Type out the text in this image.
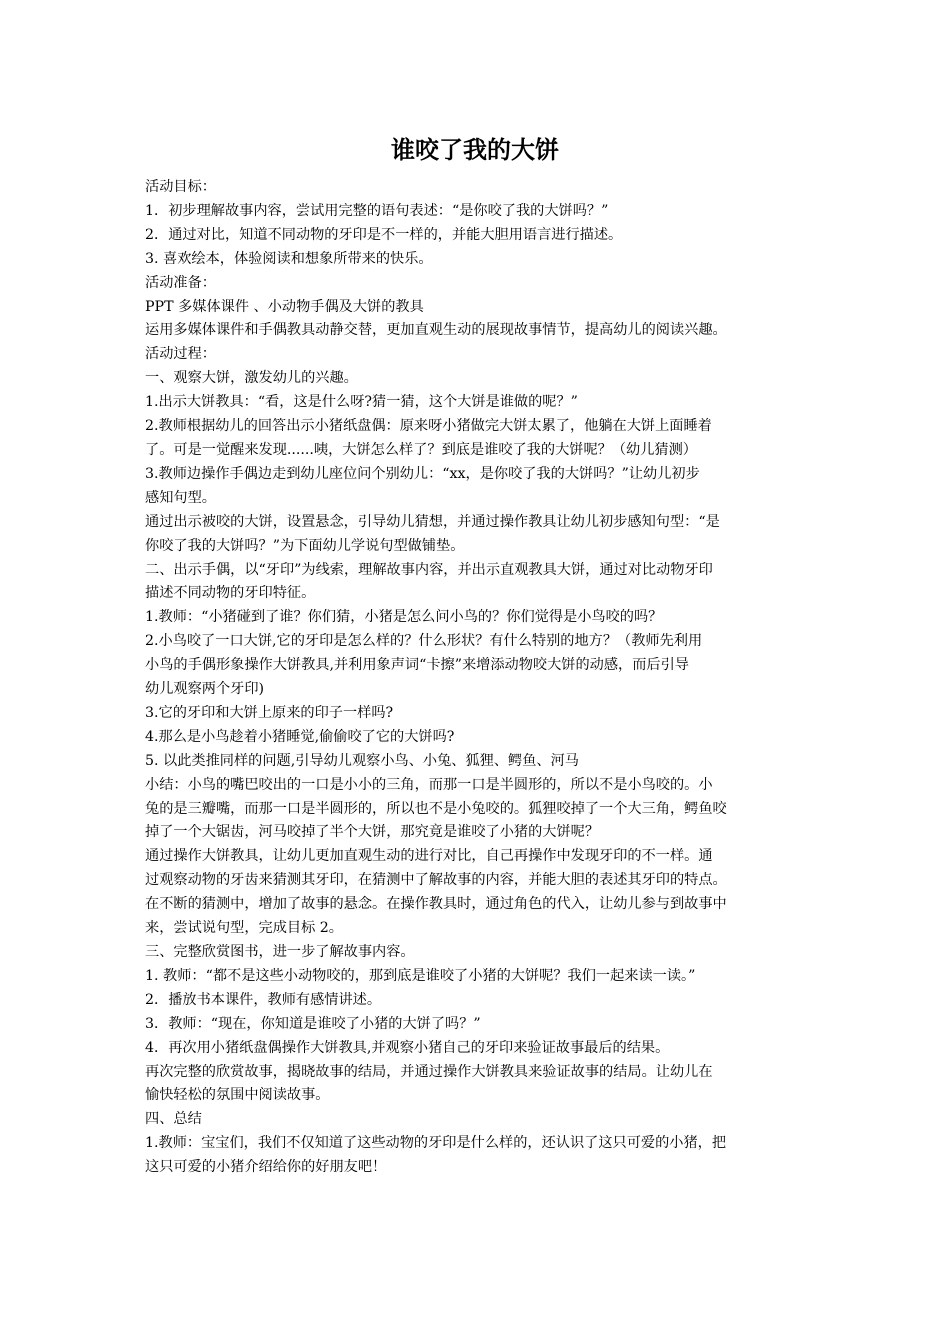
谁咬了我的大饼
活动目标：
1．初步理解故事内容，尝试用完整的语句表述：“是你咬了我的大饼吗？”
2．通过对比，知道不同动物的牙印是不一样的，并能大胆用语言进行描述。
3. 喜欢绘本，体验阅读和想象所带来的快乐。
活动准备：
PPT 多媒体课件 、小动物手偶及大饼的教具
运用多媒体课件和手偶教具动静交替，更加直观生动的展现故事情节，提高幼儿的阅读兴趣。
活动过程：
一、观察大饼，激发幼儿的兴趣。
1.出示大饼教具：“看，这是什么呀?猜一猜，这个大饼是谁做的呢？”
2.教师根据幼儿的回答出示小猪纸盘偶：原来呀小猪做完大饼太累了，他躺在大饼上面睡着
了。可是一觉醒来发现......咦，大饼怎么样了？到底是谁咬了我的大饼呢？（幼儿猜测）
3.教师边操作手偶边走到幼儿座位问个别幼儿：“xx，是你咬了我的大饼吗？”让幼儿初步
感知句型。
通过出示被咬的大饼，设置悬念，引导幼儿猜想，并通过操作教具让幼儿初步感知句型：“是
你咬了我的大饼吗？”为下面幼儿学说句型做铺垫。
二、出示手偶，以“牙印”为线索，理解故事内容，并出示直观教具大饼，通过对比动物牙印
描述不同动物的牙印特征。
1.教师：“小猪碰到了谁？你们猜，小猪是怎么问小鸟的？你们觉得是小鸟咬的吗？
2.小鸟咬了一口大饼,它的牙印是怎么样的？什么形状？有什么特别的地方？（教师先利用
小鸟的手偶形象操作大饼教具,并利用象声词“卡擦”来增添动物咬大饼的动感，而后引导
幼儿观察两个牙印)
3.它的牙印和大饼上原来的印子一样吗?
4.那么是小鸟趁着小猪睡觉,偷偷咬了它的大饼吗?
5. 以此类推同样的问题,引导幼儿观察小鸟、小兔、狐狸、鳄鱼、河马
小结：小鸟的嘴巴咬出的一口是小小的三角，而那一口是半圆形的，所以不是小鸟咬的。小
兔的是三瓣嘴，而那一口是半圆形的，所以也不是小兔咬的。狐狸咬掉了一个大三角，鳄鱼咬
掉了一个大锯齿，河马咬掉了半个大饼，那究竟是谁咬了小猪的大饼呢？
通过操作大饼教具，让幼儿更加直观生动的进行对比，自己再操作中发现牙印的不一样。通
过观察动物的牙齿来猜测其牙印，在猜测中了解故事的内容，并能大胆的表述其牙印的特点。
在不断的猜测中，增加了故事的悬念。在操作教具时，通过角色的代入，让幼儿参与到故事中
来，尝试说句型，完成目标 2。
三、完整欣赏图书，进一步了解故事内容。
1. 教师：“都不是这些小动物咬的，那到底是谁咬了小猪的大饼呢？我们一起来读一读。”
2．播放书本课件，教师有感情讲述。
3．教师：“现在，你知道是谁咬了小猪的大饼了吗？”
4．再次用小猪纸盘偶操作大饼教具,并观察小猪自己的牙印来验证故事最后的结果。
再次完整的欣赏故事，揭晓故事的结局，并通过操作大饼教具来验证故事的结局。让幼儿在
愉快轻松的氛围中阅读故事。
四、总结
1.教师：宝宝们，我们不仅知道了这些动物的牙印是什么样的，还认识了这只可爱的小猪，把
这只可爱的小猪介绍给你的好朋友吧！
